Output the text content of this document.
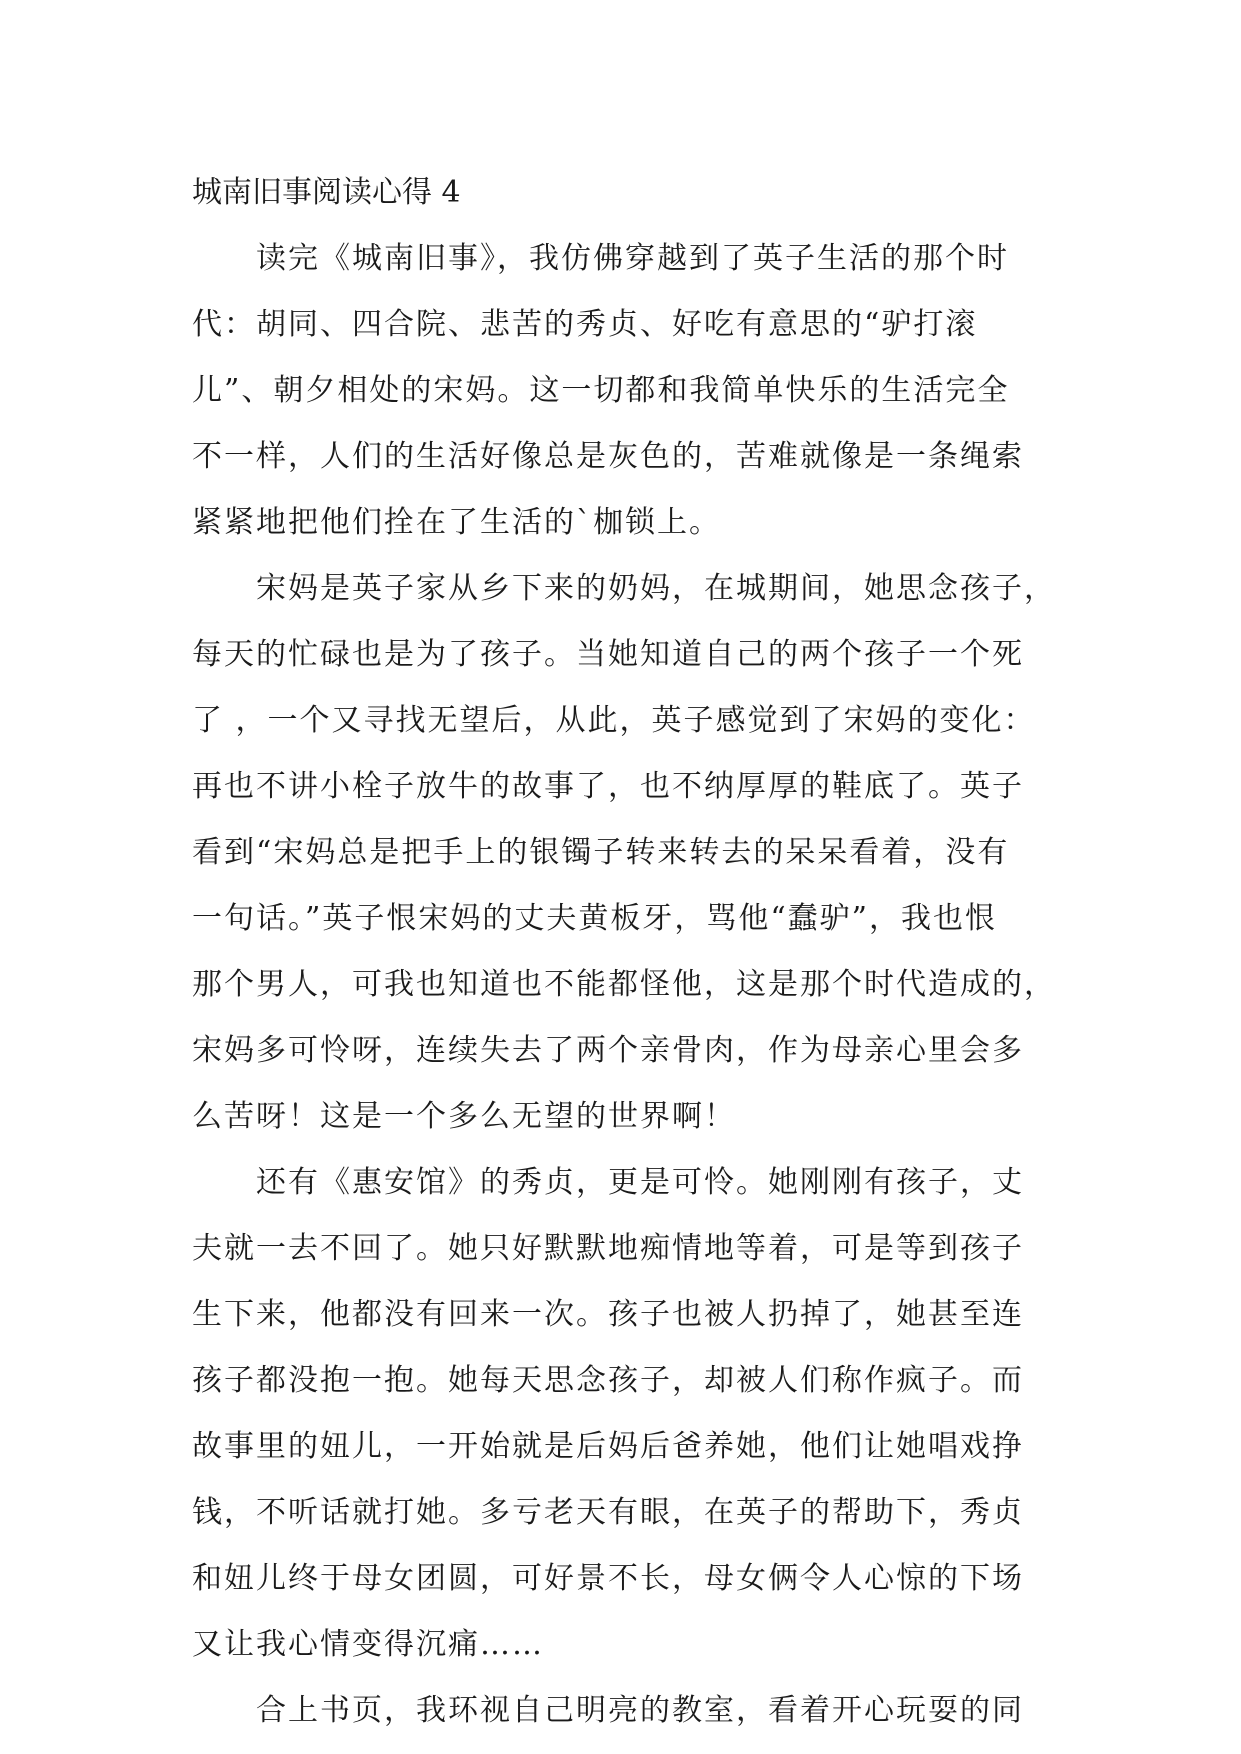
城南旧事阅读心得 4
读完《城南旧事》，我仿佛穿越到了英子生活的那个时
代：胡同、四合院、悲苦的秀贞、好吃有意思的“驴打滚
儿”、朝夕相处的宋妈。这一切都和我简单快乐的生活完全
不一样，人们的生活好像总是灰色的，苦难就像是一条绳索
紧紧地把他们拴在了生活的`枷锁上。
宋妈是英子家从乡下来的奶妈，在城期间，她思念孩子，
每天的忙碌也是为了孩子。当她知道自己的两个孩子一个死
了 ，一个又寻找无望后，从此，英子感觉到了宋妈的变化：
再也不讲小栓子放牛的故事了，也不纳厚厚的鞋底了。英子
看到“宋妈总是把手上的银镯子转来转去的呆呆看着，没有
一句话。”英子恨宋妈的丈夫黄板牙，骂他“蠢驴”，我也恨
那个男人，可我也知道也不能都怪他，这是那个时代造成的，
宋妈多可怜呀，连续失去了两个亲骨肉，作为母亲心里会多
么苦呀！这是一个多么无望的世界啊！
还有《惠安馆》的秀贞，更是可怜。她刚刚有孩子，丈
夫就一去不回了。她只好默默地痴情地等着，可是等到孩子
生下来，他都没有回来一次。孩子也被人扔掉了，她甚至连
孩子都没抱一抱。她每天思念孩子，却被人们称作疯子。而
故事里的妞儿，一开始就是后妈后爸养她，他们让她唱戏挣
钱，不听话就打她。多亏老天有眼，在英子的帮助下，秀贞
和妞儿终于母女团圆，可好景不长，母女俩令人心惊的下场
又让我心情变得沉痛……
合上书页，我环视自己明亮的教室，看着开心玩耍的同
